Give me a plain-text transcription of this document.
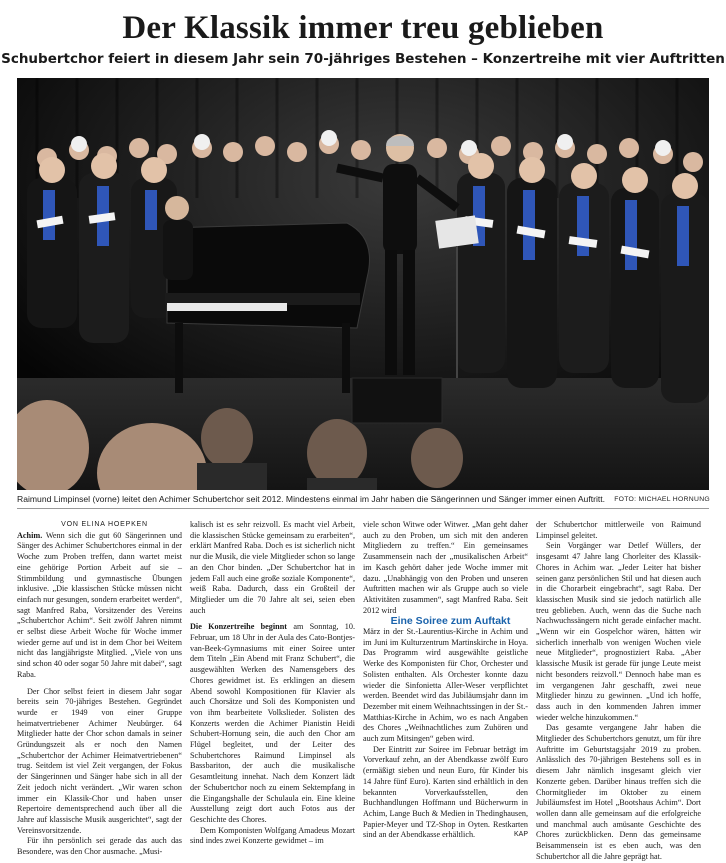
Der Klassik immer treu geblieben
Schubertchor feiert in diesem Jahr sein 70-jähriges Bestehen – Konzertreihe mit vier Auftritten
Raimund Limpinsel (vorne) leitet den Achimer Schubertchor seit 2012. Mindestens einmal im Jahr haben die Sängerinnen und Sänger immer einen Auftritt.	FOTO: MICHAEL HORNUNG

VON ELINA HOEPKEN

Achim. Wenn sich die gut 60 Sängerinnen und Sänger des Achimer Schubertchores einmal in der Woche zum Proben treffen, dann wartet meist eine gehörige Portion Arbeit auf sie – Stimmbildung und gymnastische Übungen inklusive. „Die klassischen Stücke müssen nicht einfach nur gesungen, sondern erarbeitet werden“, sagt Manfred Raba, Vorsitzender des Vereins „Schubertchor Achim“. Seit zwölf Jahren nimmt er selbst diese Arbeit Woche für Woche immer wieder gerne auf und ist in dem Chor bei Weitem nicht das langjährigste Mitglied. „Viele von uns sind schon 40 oder sogar 50 Jahre mit dabei“, sagt Raba.

Der Chor selbst feiert in diesem Jahr sogar bereits sein 70-jähriges Bestehen. Gegründet wurde er 1949 von einer Gruppe heimatvertriebener Achimer Neubürger. 64 Mitglieder hatte der Chor schon damals in seiner Gründungszeit als er noch den Namen „Schubertchor der Achimer Heimatvertriebenen“ trug. Seitdem ist viel Zeit vergangen, der Fokus der Sängerinnen und Sänger habe sich in all der Zeit jedoch nicht verändert. „Wir waren schon immer ein Klassik-Chor und haben unser Repertoire dementsprechend auch über all die Jahre auf klassische Musik ausgerichtet“, sagt der Vereinsvorsitzende.

Für ihn persönlich sei gerade das auch das Besondere, was den Chor ausmache. „Musi-

kalisch ist es sehr reizvoll. Es macht viel Arbeit, die klassischen Stücke gemeinsam zu erarbeiten“, erklärt Manfred Raba. Doch es ist sicherlich nicht nur die Musik, die viele Mitglieder schon so lange an den Chor binden. „Der Schubertchor hat in jedem Fall auch eine große soziale Komponente“, weiß Raba. Dadurch, dass ein Großteil der Mitglieder um die 70 Jahre alt sei, seien eben auch

Die Konzertreihe beginnt am Sonntag, 10. Februar, um 18 Uhr in der Aula des Cato-Bontjes-van-Beek-Gymnasiums mit einer Soiree unter dem Titeln „Ein Abend mit Franz Schubert“, die ausgewählten Werken des Namensgebers des Chores gewidmet ist. Es erklingen an diesem Abend sowohl Kompositionen für Klavier als auch Chorsätze und Soli des Komponisten und von ihm bearbeitete Volkslieder. Solisten des Konzerts werden die Achimer Pianistin Heidi Schubert-Hornung sein, die auch den Chor am Flügel begleitet, und der Leiter des Schubertchores Raimund Limpinsel als Bassbariton, der auch die musikalische Gesamtleitung innehat. Nach dem Konzert lädt der Schubertchor noch zu einem Sektempfang in die Eingangshalle der Schulaula ein. Eine kleine Ausstellung zeigt dort auch Fotos aus der Geschichte des Chores.

Dem Komponisten Wolfgang Amadeus Mozart sind indes zwei Konzerte gewidmet – im

viele schon Witwe oder Witwer. „Man geht daher auch zu den Proben, um sich mit den anderen Mitgliedern zu treffen.“ Ein gemeinsames Zusammensein nach der „musikalischen Arbeit“ im Kasch gehört daher jede Woche immer mit dazu. „Unabhängig von den Proben und unseren Auftritten machen wir als Gruppe auch so viele Aktivitäten zusammen“, sagt Manfred Raba. Seit 2012 wird

Eine Soiree zum Auftakt

März in der St.-Laurentius-Kirche in Achim und im Juni im Kulturzentrum Martinskirche in Hoya. Das Programm wird ausgewählte geistliche Werke des Komponisten für Chor, Orchester und Solisten enthalten. Als Orchester konnte dazu wieder die Sinfonietta Aller-Weser verpflichtet werden. Beendet wird das Jubiläumsjahr dann im Dezember mit einem Weihnachtssingen in der St.-Matthias-Kirche in Achim, wo es nach Angaben des Chores „Weihnachtliches zum Zuhören und auch zum Mitsingen“ geben wird.

Der Eintritt zur Soiree im Februar beträgt im Vorverkauf zehn, an der Abendkasse zwölf Euro (ermäßigt sieben und neun Euro, für Kinder bis 14 Jahre fünf Euro). Karten sind erhältlich in den bekannten Vorverkaufsstellen, den Buchhandlungen Hoffmann und Bücherwurm in Achim, Lange Buch & Medien in Thedinghausen, Papier-Meyer und TZ-Shop in Oyten. Restkarten sind an der Abendkasse erhältlich.	KAP

der Schubertchor mittlerweile von Raimund Limpinsel geleitet.

Sein Vorgänger war Detlef Wüllers, der insgesamt 47 Jahre lang Chorleiter des Klassik-Chores in Achim war. „Jeder Leiter hat bisher seinen ganz persönlichen Stil und hat diesen auch in die Chorarbeit eingebracht“, sagt Raba. Der klassischen Musik sind sie jedoch natürlich alle treu geblieben. Auch, wenn das die Suche nach Nachwuchssängern nicht gerade einfacher macht. „Wenn wir ein Gospelchor wären, hätten wir sicherlich innerhalb von wenigen Wochen viele neue Mitglieder“, prognostiziert Raba. „Aber klassische Musik ist gerade für junge Leute meist nicht besonders reizvoll.“ Dennoch habe man es im vergangenen Jahr geschafft, zwei neue Mitglieder hinzu zu gewinnen. „Und ich hoffe, dass auch in den kommenden Jahren immer wieder welche hinzukommen.“

Das gesamte vergangene Jahr haben die Mitglieder des Schubertchors genutzt, um für ihre Auftritte im Geburtstagsjahr 2019 zu proben. Anlässlich des 70-jährigen Bestehens soll es in diesem Jahr nämlich insgesamt gleich vier Konzerte geben. Darüber hinaus treffen sich die Chormitglieder im Oktober zu einem Jubiläumsfest im Hotel „Bootshaus Achim“. Dort wollen dann alle gemeinsam auf die erfolgreiche und manchmal auch amüsante Geschichte des Chores zurückblicken. Denn das gemeinsame Beisammensein ist es eben auch, was den Schubertchor all die Jahre geprägt hat.
